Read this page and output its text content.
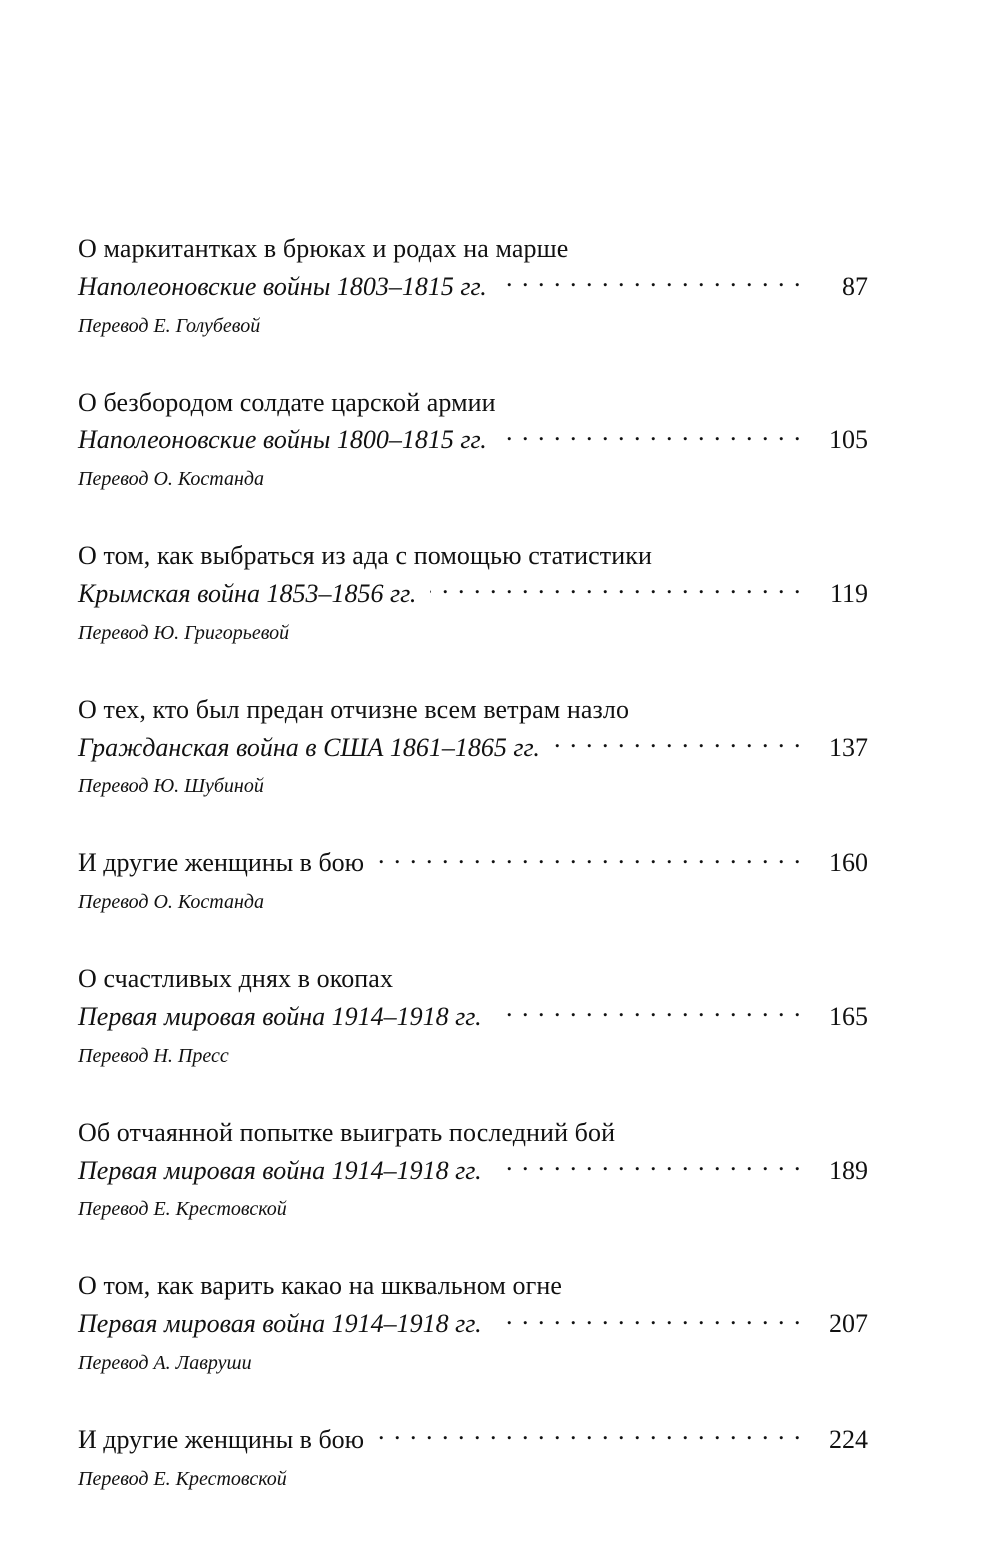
О маркитантках в брюках и родах на марше
Наполеоновские войны 1803–1815 гг. . . .	87
Перевод Е. Голубевой
О безбородом солдате царской армии
Наполеоновские войны 1800–1815 гг. . . .	105
Перевод О. Костанда
О том, как выбраться из ада с помощью статистики
Крымская война 1853–1856 гг. . . .	119
Перевод Ю. Григорьевой
О тех, кто был предан отчизне всем ветрам назло
Гражданская война в США 1861–1865 гг. . . .	137
Перевод Ю. Шубиной
И другие женщины в бою . . .	160
Перевод О. Костанда
О счастливых днях в окопах
Первая мировая война 1914–1918 гг. . . .	165
Перевод Н. Пресс
Об отчаянной попытке выиграть последний бой
Первая мировая война 1914–1918 гг. . . .	189
Перевод Е. Крестовской
О том, как варить какао на шквальном огне
Первая мировая война 1914–1918 гг. . . .	207
Перевод А. Лавруши
И другие женщины в бою . . .	224
Перевод Е. Крестовской
